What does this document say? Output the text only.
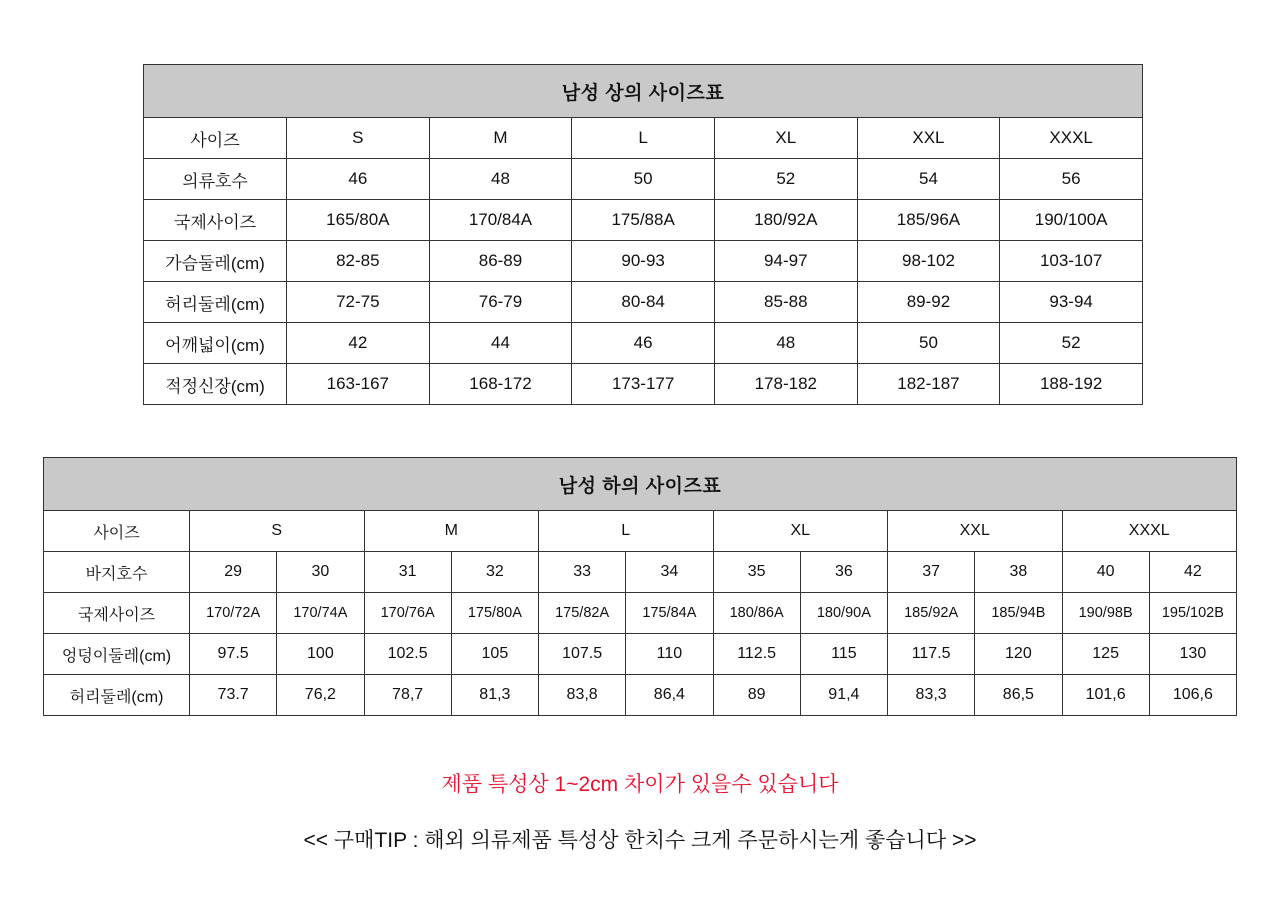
남성 상의 사이즈표						
사이즈	S	M	L	XL	XXL	XXXL
의류호수	46	48	50	52	54	56
국제사이즈	165/80A	170/84A	175/88A	180/92A	185/96A	190/100A
가슴둘레(cm)	82-85	86-89	90-93	94-97	98-102	103-107
허리둘레(cm)	72-75	76-79	80-84	85-88	89-92	93-94
어깨넓이(cm)	42	44	46	48	50	52
적정신장(cm)	163-167	168-172	173-177	178-182	182-187	188-192
남성 하의 사이즈표												
사이즈	S		M		L		XL		XXL		XXXL	
바지호수	29	30	31	32	33	34	35	36	37	38	40	42
국제사이즈	170/72A	170/74A	170/76A	175/80A	175/82A	175/84A	180/86A	180/90A	185/92A	185/94B	190/98B	195/102B
엉덩이둘레(cm)	97.5	100	102.5	105	107.5	110	112.5	115	117.5	120	125	130
허리둘레(cm)	73.7	76,2	78,7	81,3	83,8	86,4	89	91,4	83,3	86,5	101,6	106,6
제품 특성상 1~2cm 차이가 있을수 있습니다
<< 구매TIP : 해외 의류제품 특성상 한치수 크게 주문하시는게 좋습니다 >>
